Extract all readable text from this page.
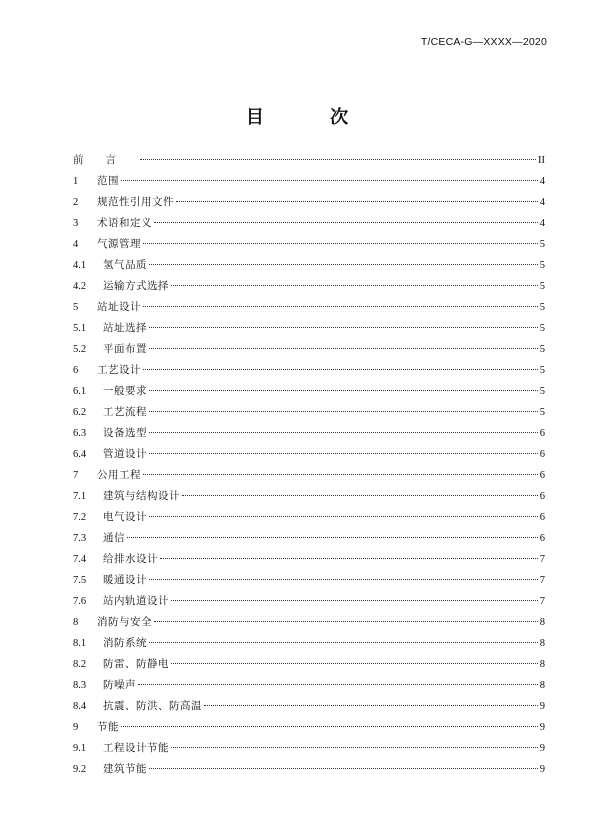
T/CECA-G—XXXX—2020
目 次
前言	II
1	范围	4
2	规范性引用文件	4
3	术语和定义	4
4	气源管理	5
4.1	氢气品质	5
4.2	运输方式选择	5
5	站址设计	5
5.1	站址选择	5
5.2	平面布置	5
6	工艺设计	5
6.1	一般要求	5
6.2	工艺流程	5
6.3	设备选型	6
6.4	管道设计	6
7	公用工程	6
7.1	建筑与结构设计	6
7.2	电气设计	6
7.3	通信	6
7.4	给排水设计	7
7.5	暖通设计	7
7.6	站内轨道设计	7
8	消防与安全	8
8.1	消防系统	8
8.2	防雷、防静电	8
8.3	防噪声	8
8.4	抗震、防洪、防高温	9
9	节能	9
9.1	工程设计节能	9
9.2	建筑节能	9
